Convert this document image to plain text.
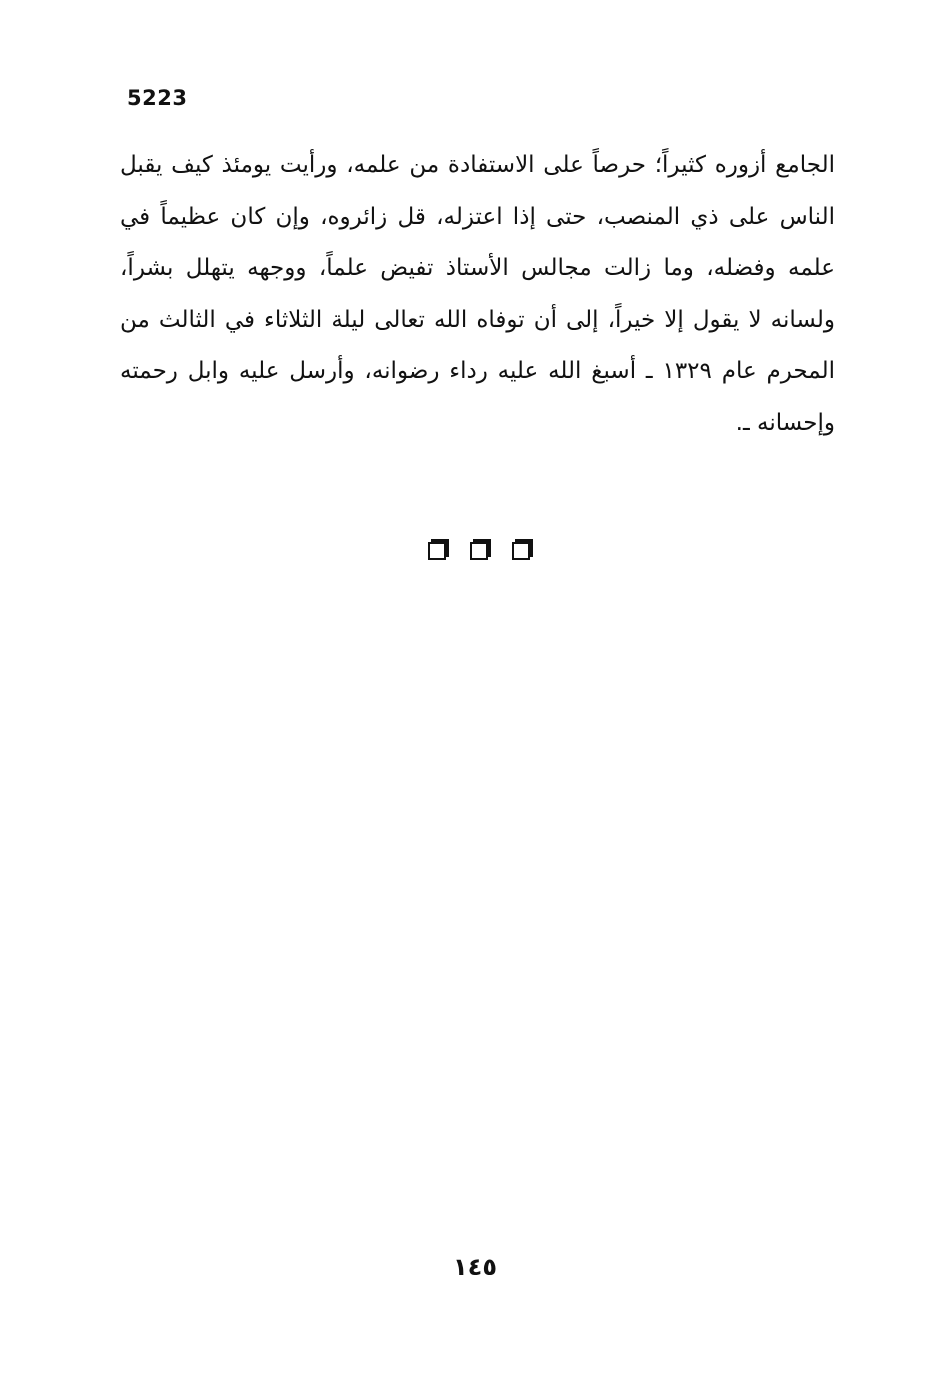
5223

الجامع أزوره كثيراً؛ حرصاً على الاستفادة من علمه، ورأيت يومئذ كيف يقبل الناس على ذي المنصب، حتى إذا اعتزله، قل زائروه، وإن كان عظيماً في علمه وفضله، وما زالت مجالس الأستاذ تفيض علماً، ووجهه يتهلل بشراً، ولسانه لا يقول إلا خيراً، إلى أن توفاه الله تعالى ليلة الثلاثاء في الثالث من المحرم عام ١٣٢٩ ـ أسبغ الله عليه رداء رضوانه، وأرسل عليه وابل رحمته وإحسانه ـ.

١٤٥
